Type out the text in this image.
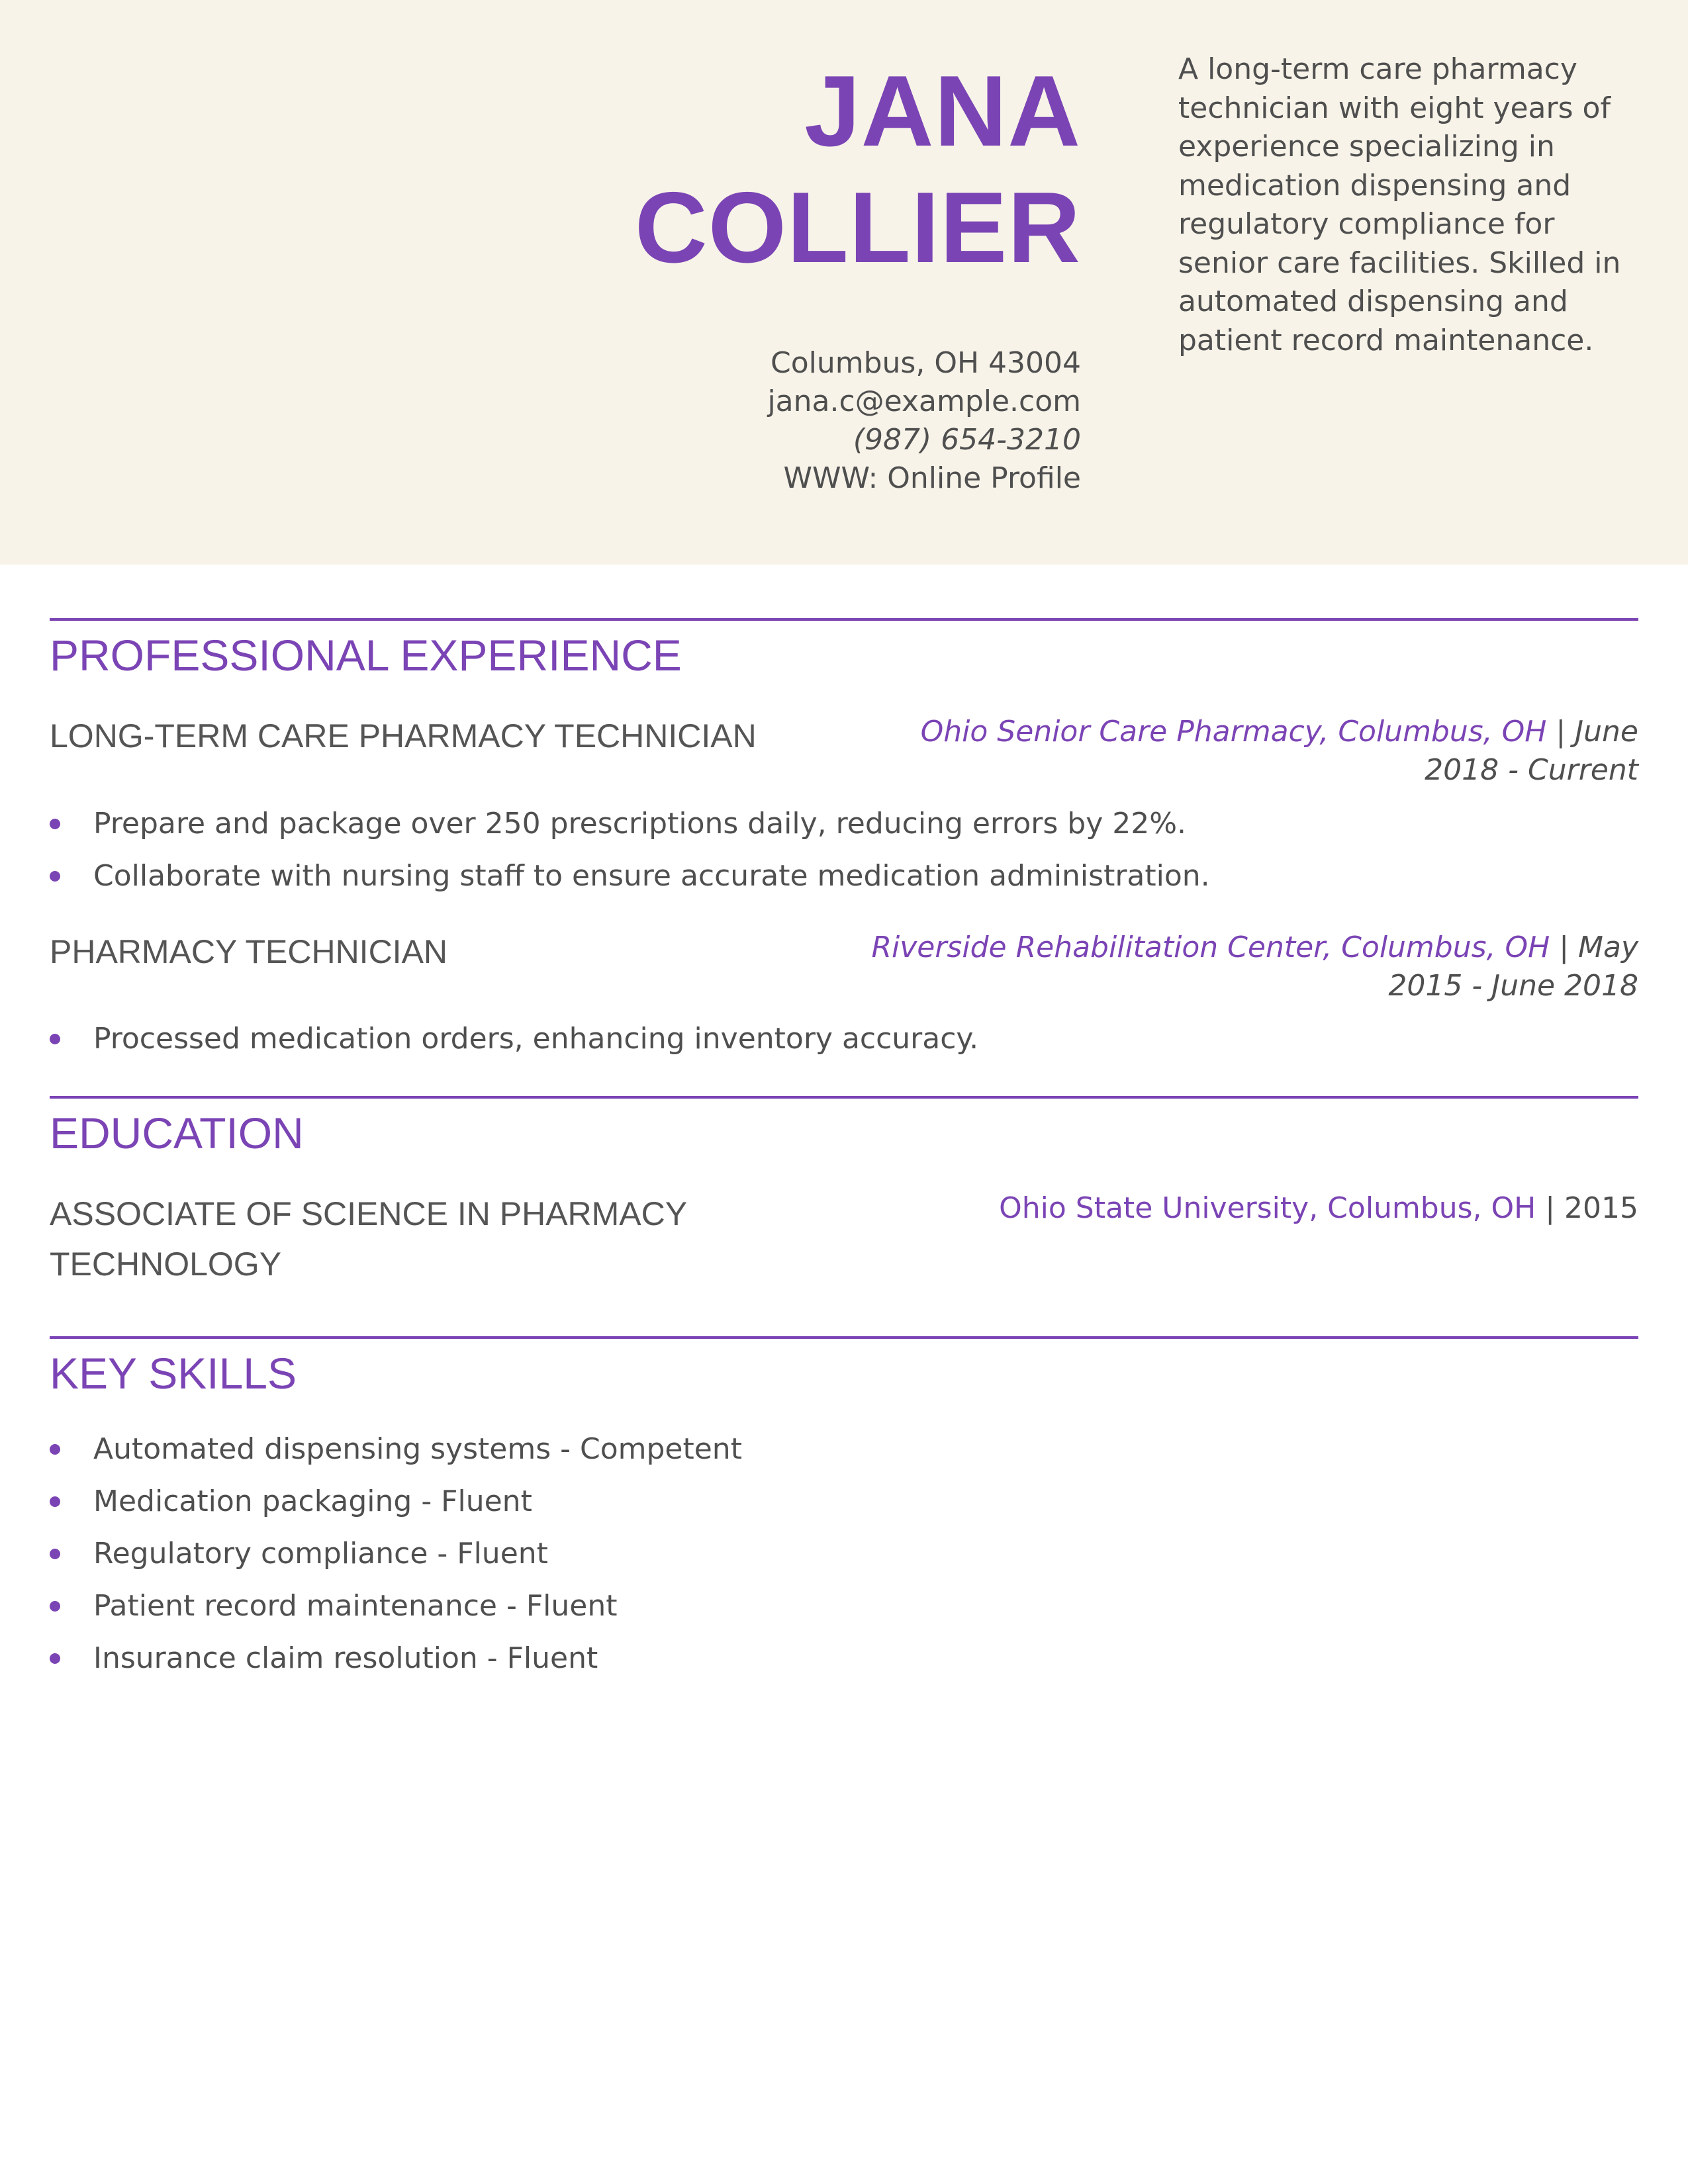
JANA
COLLIER
Columbus, OH 43004
jana.c@example.com
(987) 654-3210
WWW: Online Profile
A long-term care pharmacy technician with eight years of experience specializing in medication dispensing and regulatory compliance for senior care facilities. Skilled in automated dispensing and patient record maintenance.
PROFESSIONAL EXPERIENCE
LONG-TERM CARE PHARMACY TECHNICIAN	Ohio Senior Care Pharmacy, Columbus, OH | June
2018 - Current
Prepare and package over 250 prescriptions daily, reducing errors by 22%.
Collaborate with nursing staff to ensure accurate medication administration.
PHARMACY TECHNICIAN	Riverside Rehabilitation Center, Columbus, OH | May
2015 - June 2018
Processed medication orders, enhancing inventory accuracy.
EDUCATION
ASSOCIATE OF SCIENCE IN PHARMACY
TECHNOLOGY
Ohio State University, Columbus, OH | 2015
KEY SKILLS
Automated dispensing systems - Competent
Medication packaging - Fluent
Regulatory compliance - Fluent
Patient record maintenance - Fluent
Insurance claim resolution - Fluent
